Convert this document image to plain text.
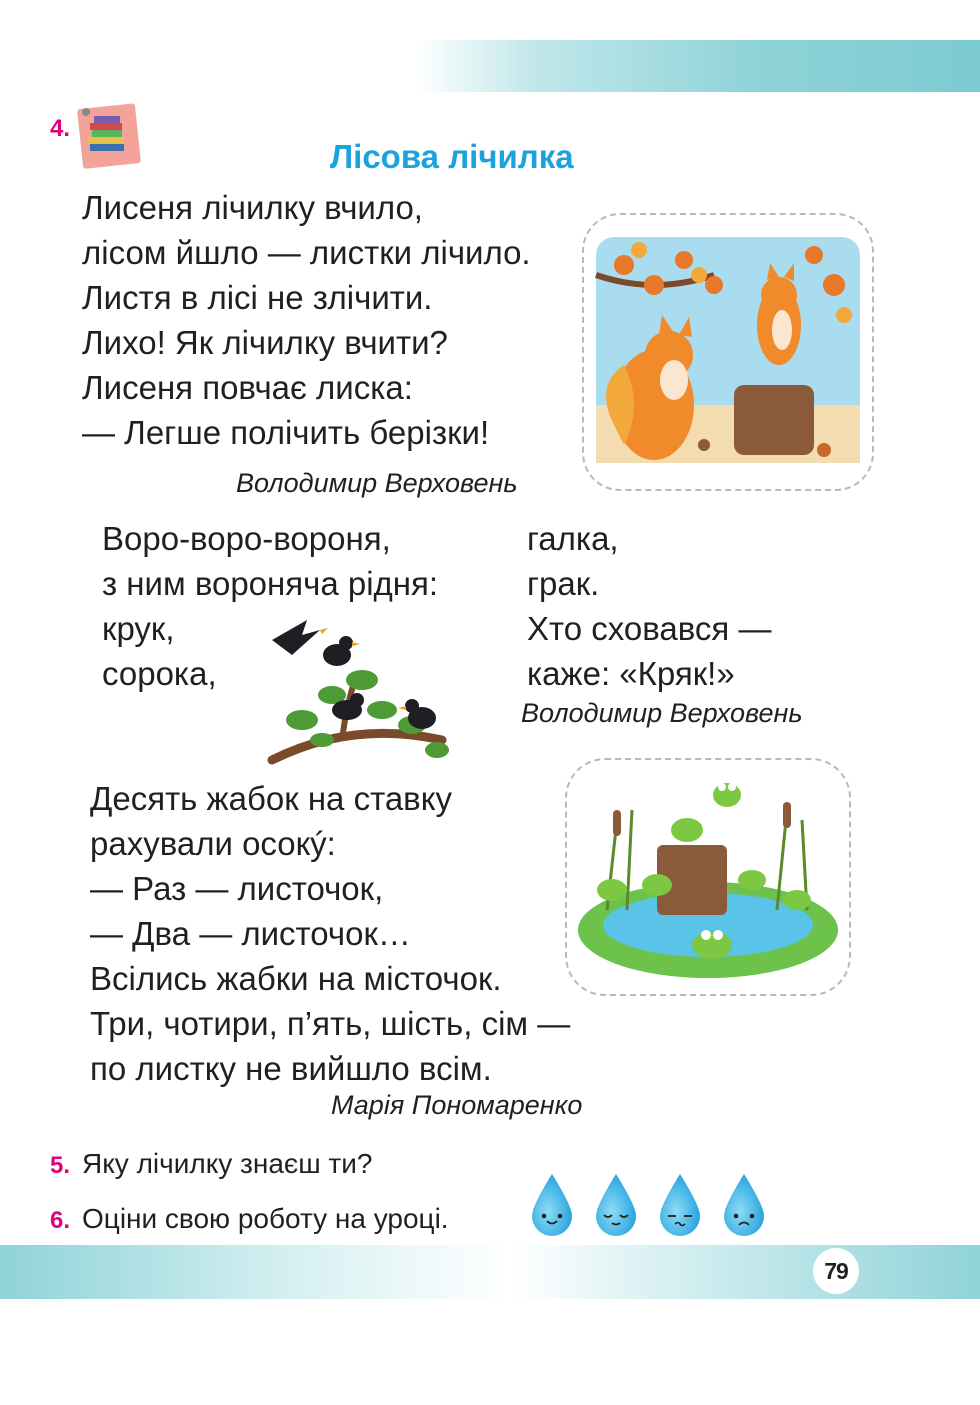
79
4.
Лісова лічилка
Лисеня лічилку вчило,
лісом йшло — листки лічило.
Листя в лісі не злічити.
Лихо! Як лічилку вчити?
Лисеня повчає лиска:
— Легше полічить берізки!
Володимир Верховень
Воро-воро-вороня,
з ним вороняча рідня:
крук,
сорока,
галка,
грак.
Хто сховався —
каже: «Кряк!»
Володимир Верховень
Десять жабок на ставку
рахували осокý:
— Раз — листочок,
— Два — листочок…
Всілись жабки на місточок.
Три, чотири, п’ять, шість, сім —
по листку не вийшло всім.
Марія Пономаренко
5. Яку лічилку знаєш ти?
6. Оціни свою роботу на уроці.
